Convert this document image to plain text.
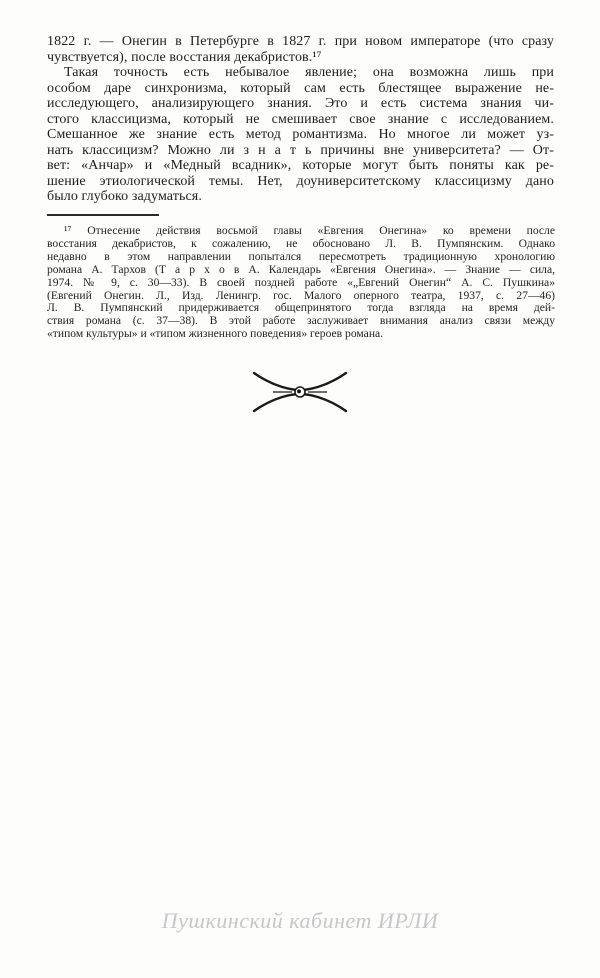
1822 г. — Онегин в Петербурге в 1827 г. при новом императоре (что сразу
чувствуется), после восстания декабристов.¹⁷
Такая точность есть небывалое явление; она возможна лишь при
особом даре синхронизма, который сам есть блестящее выражение не-
исследующего, анализирующего знания. Это и есть система знания чи-
стого классицизма, который не смешивает свое знание с исследованием.
Смешанное же знание есть метод романтизма. Но многое ли может уз-
нать классицизм? Можно ли з н а т ь причины вне университета? — От-
вет: «Анчар» и «Медный всадник», которые могут быть поняты как ре-
шение этиологической темы. Нет, доуниверситетскому классицизму дано
было глубоко задуматься.
¹⁷ Отнесение действия восьмой главы «Евгения Онегина» ко времени после
восстания декабристов, к сожалению, не обосновано Л. В. Пумпянским. Однако
недавно в этом направлении попытался пересмотреть традиционную хронологию
романа А. Тархов (Т а р х о в А. Календарь «Евгения Онегина». — Знание — сила,
1974. № 9, с. 30—33). В своей поздней работе «„Евгений Онегин“ А. С. Пушкина»
(Евгений Онегин. Л., Изд. Ленингр. гос. Малого оперного театра, 1937, с. 27—46)
Л. В. Пумпянский придерживается общепринятого тогда взгляда на время дей-
ствия романа (с. 37—38). В этой работе заслуживает внимания анализ связи между
«типом культуры» и «типом жизненного поведения» героев романа.
Пушкинский кабинет ИРЛИ
